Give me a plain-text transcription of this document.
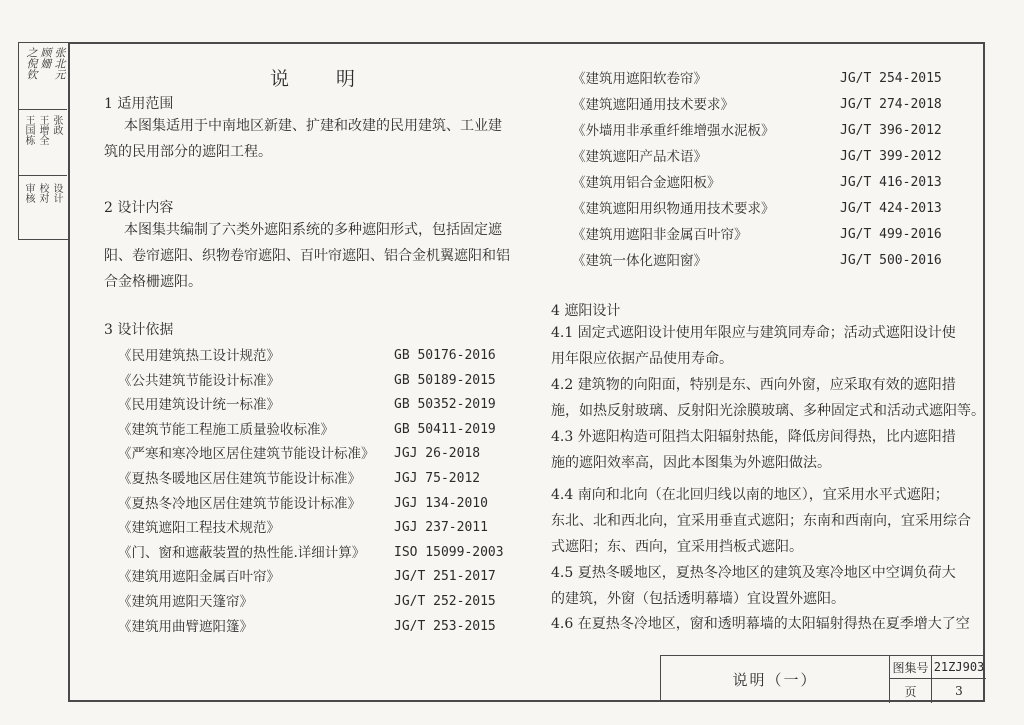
之倪钦 顾姗 张北元
王国栋 王增全 张政
审核 校对 设计
说　明
1 适用范围
本图集适用于中南地区新建、扩建和改建的民用建筑、工业建
筑的民用部分的遮阳工程。
2 设计内容
本图集共编制了六类外遮阳系统的多种遮阳形式，包括固定遮
阳、卷帘遮阳、织物卷帘遮阳、百叶帘遮阳、铝合金机翼遮阳和铝
合金格栅遮阳。
3 设计依据
《民用建筑热工设计规范》	GB 50176-2016
《公共建筑节能设计标准》	GB 50189-2015
《民用建筑设计统一标准》	GB 50352-2019
《建筑节能工程施工质量验收标准》	GB 50411-2019
《严寒和寒冷地区居住建筑节能设计标准》 JGJ 26-2018
《夏热冬暖地区居住建筑节能设计标准》	JGJ 75-2012
《夏热冬冷地区居住建筑节能设计标准》	JGJ 134-2010
《建筑遮阳工程技术规范》	JGJ 237-2011
《门、窗和遮蔽装置的热性能.详细计算》 ISO 15099-2003
《建筑用遮阳金属百叶帘》	JG/T 251-2017
《建筑用遮阳天篷帘》	JG/T 252-2015
《建筑用曲臂遮阳篷》	JG/T 253-2015
《建筑用遮阳软卷帘》	JG/T 254-2015
《建筑遮阳通用技术要求》	JG/T 274-2018
《外墙用非承重纤维增强水泥板》	JG/T 396-2012
《建筑遮阳产品术语》	JG/T 399-2012
《建筑用铝合金遮阳板》	JG/T 416-2013
《建筑遮阳用织物通用技术要求》	JG/T 424-2013
《建筑用遮阳非金属百叶帘》	JG/T 499-2016
《建筑一体化遮阳窗》	JG/T 500-2016
4 遮阳设计
4.1 固定式遮阳设计使用年限应与建筑同寿命；活动式遮阳设计使
用年限应依据产品使用寿命。
4.2 建筑物的向阳面，特别是东、西向外窗，应采取有效的遮阳措
施，如热反射玻璃、反射阳光涂膜玻璃、多种固定式和活动式遮阳等。
4.3 外遮阳构造可阻挡太阳辐射热能，降低房间得热，比内遮阳措
施的遮阳效率高，因此本图集为外遮阳做法。
4.4 南向和北向（在北回归线以南的地区），宜采用水平式遮阳；
东北、北和西北向，宜采用垂直式遮阳；东南和西南向，宜采用综合
式遮阳；东、西向，宜采用挡板式遮阳。
4.5 夏热冬暖地区，夏热冬冷地区的建筑及寒冷地区中空调负荷大
的建筑，外窗（包括透明幕墙）宜设置外遮阳。
4.6 在夏热冬冷地区，窗和透明幕墙的太阳辐射得热在夏季增大了空
说明（一）
图集号 21ZJ903
页	3
